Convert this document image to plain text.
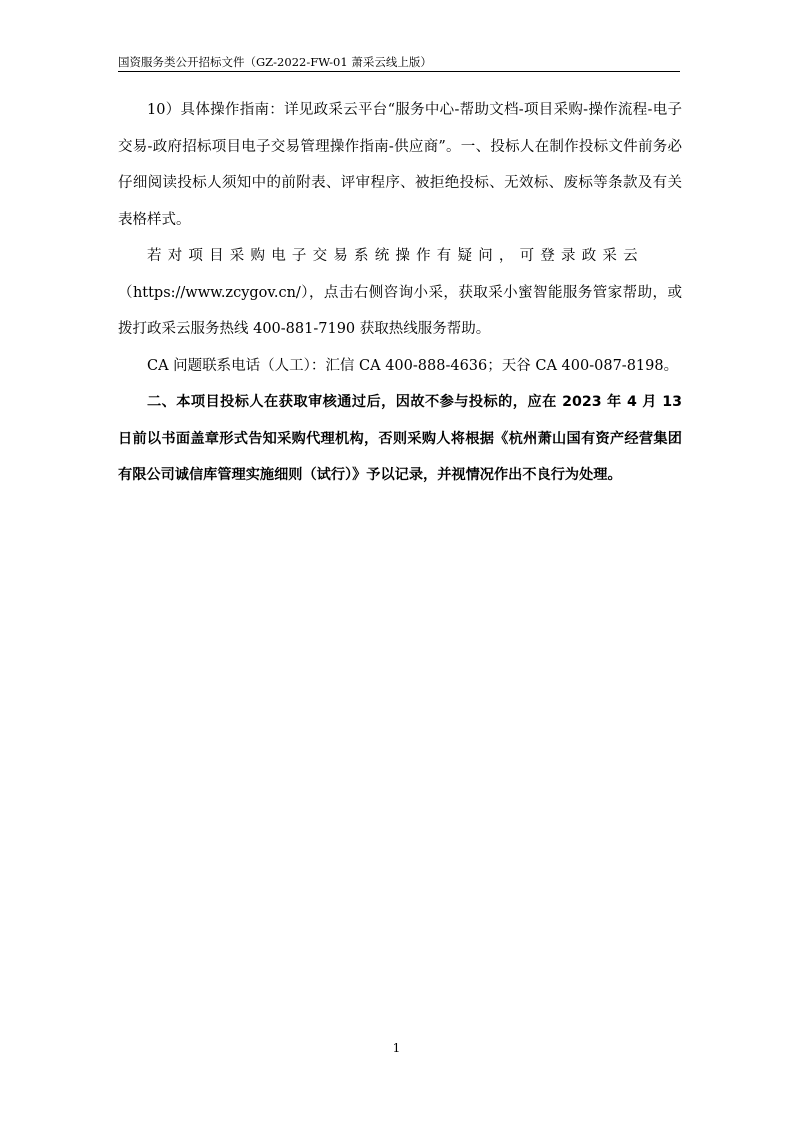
国资服务类公开招标文件（GZ-2022-FW-01 萧采云线上版）

10）具体操作指南：详见政采云平台“服务中心-帮助文档-项目采购-操作流程-电子交易-政府招标项目电子交易管理操作指南-供应商”。一、投标人在制作投标文件前务必仔细阅读投标人须知中的前附表、评审程序、被拒绝投标、无效标、废标等条款及有关表格样式。

若对项目采购电子交易系统操作有疑问，可登录政采云

（https://www.zcygov.cn/），点击右侧咨询小采，获取采小蜜智能服务管家帮助，或拨打政采云服务热线 400-881-7190 获取热线服务帮助。

CA 问题联系电话（人工）：汇信 CA 400-888-4636；天谷 CA 400-087-8198。

二、本项目投标人在获取审核通过后，因故不参与投标的，应在 2023 年 4 月 13 日前以书面盖章形式告知采购代理机构，否则采购人将根据《杭州萧山国有资产经营集团有限公司诚信库管理实施细则（试行）》予以记录，并视情况作出不良行为处理。

1
